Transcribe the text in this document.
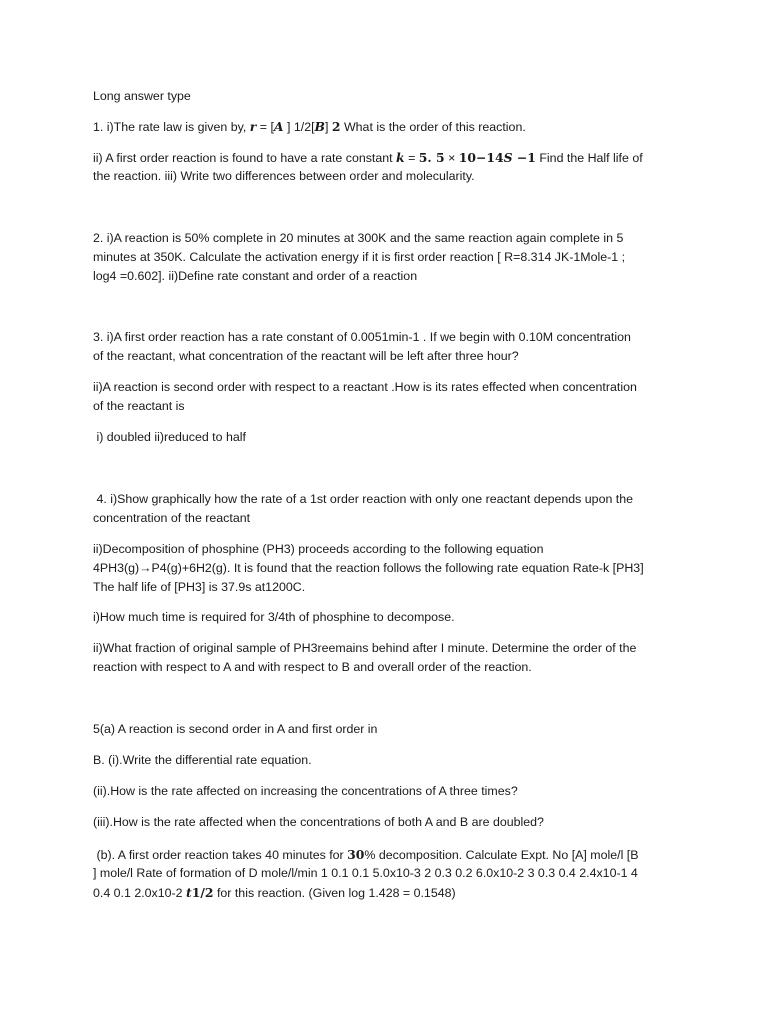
Long answer type

1. i)The rate law is given by, r = [A ] 1/2[B] 2 What is the order of this reaction.

ii) A first order reaction is found to have a rate constant k = 5. 5 × 10−14S −1 Find the Half life of

the reaction. iii) Write two differences between order and molecularity.

2. i)A reaction is 50% complete in 20 minutes at 300K and the same reaction again complete in 5

minutes at 350K. Calculate the activation energy if it is first order reaction [ R=8.314 JK-1Mole-1 ;

log4 =0.602]. ii)Define rate constant and order of a reaction

3. i)A first order reaction has a rate constant of 0.0051min-1 . If we begin with 0.10M concentration

of the reactant, what concentration of the reactant will be left after three hour?

ii)A reaction is second order with respect to a reactant .How is its rates effected when concentration

of the reactant is

i) doubled ii)reduced to half

4. i)Show graphically how the rate of a 1st order reaction with only one reactant depends upon the

concentration of the reactant

ii)Decomposition of phosphine (PH3) proceeds according to the following equation

4PH3(g)→P4(g)+6H2(g). It is found that the reaction follows the following rate equation Rate-k [PH3]

The half life of [PH3] is 37.9s at1200C.

i)How much time is required for 3/4th of phosphine to decompose.

ii)What fraction of original sample of PH3reemains behind after I minute. Determine the order of the

reaction with respect to A and with respect to B and overall order of the reaction.

5(a) A reaction is second order in A and first order in

B. (i).Write the differential rate equation.

(ii).How is the rate affected on increasing the concentrations of A three times?

(iii).How is the rate affected when the concentrations of both A and B are doubled?

(b). A first order reaction takes 40 minutes for 30% decomposition. Calculate Expt. No [A] mole/l [B

] mole/l Rate of formation of D mole/l/min 1 0.1 0.1 5.0x10-3 2 0.3 0.2 6.0x10-2 3 0.3 0.4 2.4x10-1 4

0.4 0.1 2.0x10-2 t1/2 for this reaction. (Given log 1.428 = 0.1548)
